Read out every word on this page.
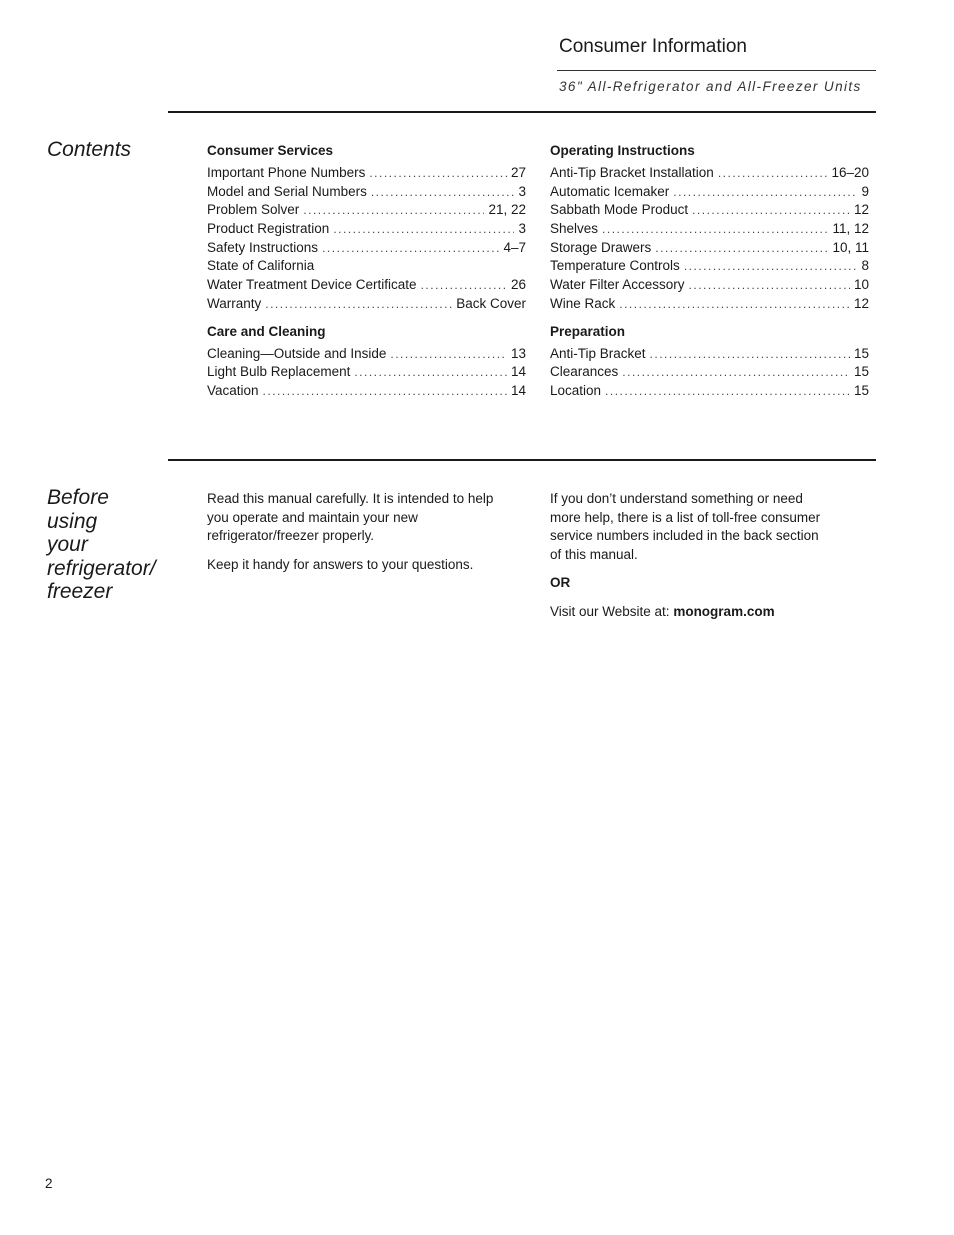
Consumer Information
36" All-Refrigerator and All-Freezer Units
Contents	Consumer Services
Important Phone Numbers .....	27
Model and Serial Numbers .....	3
Problem Solver .....	21, 22
Product Registration .....	3
Safety Instructions .....	4–7
State of California
Water Treatment Device Certificate .....	26
Warranty .....	Back Cover
Care and Cleaning
Cleaning—Outside and Inside .....	13
Light Bulb Replacement .....	14
Vacation .....	14
Operating Instructions
Anti-Tip Bracket Installation .....	16–20
Automatic Icemaker .....	9
Sabbath Mode Product .....	12
Shelves .....	11, 12
Storage Drawers .....	10, 11
Temperature Controls .....	8
Water Filter Accessory .....	10
Wine Rack .....	12
Preparation
Anti-Tip Bracket .....	15
Clearances .....	15
Location .....	15
Before
using
your
refrigerator/
freezer

Read this manual carefully. It is intended to help you operate and maintain your new refrigerator/freezer properly.

Keep it handy for answers to your questions.

If you don’t understand something or need more help, there is a list of toll-free consumer service numbers included in the back section of this manual.

OR

Visit our Website at: monogram.com

2
